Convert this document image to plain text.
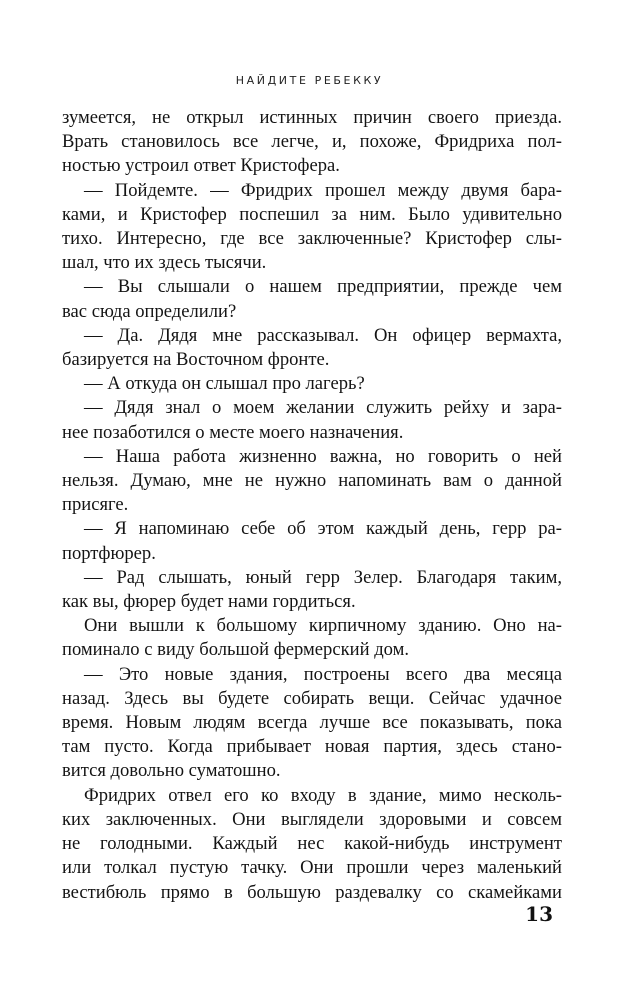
НАЙДИТЕ РЕБЕККУ
зумеется, не открыл истинных причин своего приезда.
Врать становилось все легче, и, похоже, Фридриха пол-
ностью устроил ответ Кристофера.
— Пойдемте. — Фридрих прошел между двумя бара-
ками, и Кристофер поспешил за ним. Было удивительно
тихо. Интересно, где все заключенные? Кристофер слы-
шал, что их здесь тысячи.
— Вы слышали о нашем предприятии, прежде чем
вас сюда определили?
— Да. Дядя мне рассказывал. Он офицер вермахта,
базируется на Восточном фронте.
— А откуда он слышал про лагерь?
— Дядя знал о моем желании служить рейху и зара-
нее позаботился о месте моего назначения.
— Наша работа жизненно важна, но говорить о ней
нельзя. Думаю, мне не нужно напоминать вам о данной
присяге.
— Я напоминаю себе об этом каждый день, герр ра-
портфюрер.
— Рад слышать, юный герр Зелер. Благодаря таким,
как вы, фюрер будет нами гордиться.
Они вышли к большому кирпичному зданию. Оно на-
поминало с виду большой фермерский дом.
— Это новые здания, построены всего два месяца
назад. Здесь вы будете собирать вещи. Сейчас удачное
время. Новым людям всегда лучше все показывать, пока
там пусто. Когда прибывает новая партия, здесь стано-
вится довольно суматошно.
Фридрих отвел его ко входу в здание, мимо несколь-
ких заключенных. Они выглядели здоровыми и совсем
не голодными. Каждый нес какой-нибудь инструмент
или толкал пустую тачку. Они прошли через маленький
вестибюль прямо в большую раздевалку со скамейками
13
